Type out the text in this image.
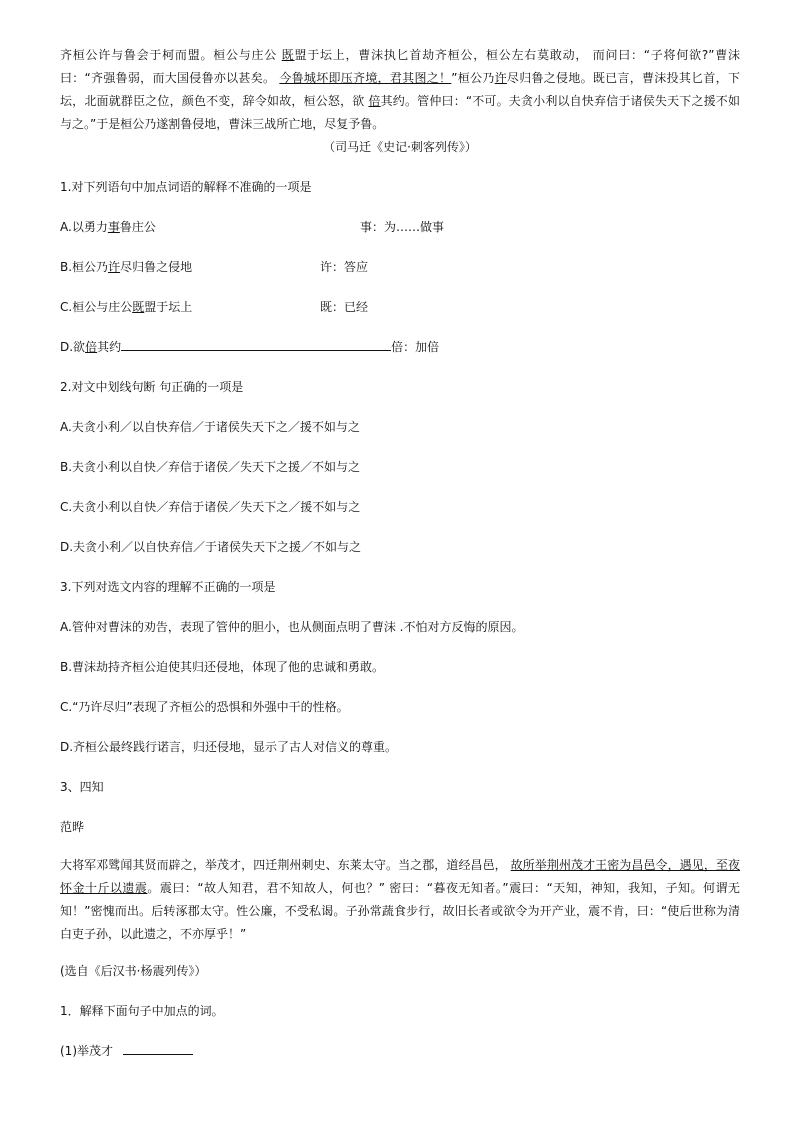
齐桓公许与鲁会于柯而盟。桓公与庄公 既盟于坛上，曹沫执匕首劫齐桓公，桓公左右莫敢动， 而问曰：“子将何欲?”曹沫曰：“齐强鲁弱，而大国侵鲁亦以甚矣。 今鲁城坏即压齐境，君其图之！”桓公乃许尽归鲁之侵地。既已言，曹沫投其匕首，下坛，北面就群臣之位，颜色不变，辞令如故，桓公怒，欲 倍其约。管仲曰：“不可。夫贪小利以自快弃信于诸侯失天下之援不如与之。”于是桓公乃遂割鲁侵地，曹沫三战所亡地，尽复予鲁。

（司马迁《史记·刺客列传》）

1.对下列语句中加点词语的解释不准确的一项是

A.以勇力事鲁庄公	事：为……做事
B.桓公乃许尽归鲁之侵地	许：答应
C.桓公与庄公既盟于坛上	既：已经
D.欲倍其约	倍：加倍

2.对文中划线句断 句正确的一项是

A.夫贪小利／以自快弃信／于诸侯失天下之／援不如与之

B.夫贪小利以自快／弃信于诸侯／失天下之援／不如与之

C.夫贪小利以自快／弃信于诸侯／失天下之／援不如与之

D.夫贪小利／以自快弃信／于诸侯失天下之援／不如与之

3.下列对选文内容的理解不正确的一项是

A.管仲对曹沫的劝告，表现了管仲的胆小，也从侧面点明了曹沫 .不怕对方反悔的原因。

B.曹沫劫持齐桓公迫使其归还侵地，体现了他的忠诚和勇敢。

C.“乃许尽归”表现了齐桓公的恐惧和外强中干的性格。

D.齐桓公最终践行诺言，归还侵地，显示了古人对信义的尊重。

3、四知

范晔

大将军邓骘闻其贤而辟之，举茂才，四迁荆州刺史、东莱太守。当之郡，道经昌邑， 故所举荆州茂才王密为昌邑令，遇见，至夜怀金十斤以遗震。震曰：“故人知君，君不知故人，何也？” 密曰：“暮夜无知者。”震曰：“天知，神知，我知，子知。何谓无知！”密愧而出。后转涿郡太守。性公廉，不受私谒。子孙常蔬食步行，故旧长者或欲令为开产业，震不肯，曰：“使后世称为清白吏子孙，以此遗之，不亦厚乎！”

(选自《后汉书·杨震列传》）

1．解释下面句子中加点的词。

(1)举茂才
